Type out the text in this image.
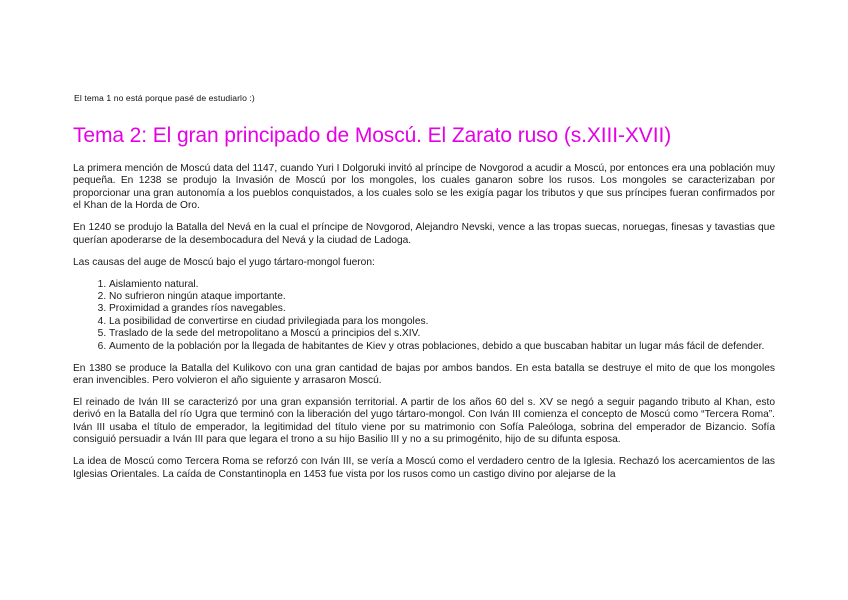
El tema 1 no está porque pasé de estudiarlo :)
Tema 2: El gran principado de Moscú. El Zarato ruso (s.XIII-XVII)

La primera mención de Moscú data del 1147, cuando Yuri I Dolgoruki invitó al príncipe de Novgorod a acudir a Moscú, por entonces era una población muy pequeña. En 1238 se produjo la Invasión de Moscú por los mongoles, los cuales ganaron sobre los rusos. Los mongoles se caracterizaban por proporcionar una gran autonomía a los pueblos conquistados, a los cuales solo se les exigía pagar los tributos y que sus príncipes fueran confirmados por el Khan de la Horda de Oro.

En 1240 se produjo la Batalla del Nevá en la cual el príncipe de Novgorod, Alejandro Nevski, vence a las tropas suecas, noruegas, finesas y tavastias que querían apoderarse de la desembocadura del Nevá y la ciudad de Ladoga.

Las causas del auge de Moscú bajo el yugo tártaro-mongol fueron:

1. Aislamiento natural.
2. No sufrieron ningún ataque importante.
3. Proximidad a grandes ríos navegables.
4. La posibilidad de convertirse en ciudad privilegiada para los mongoles.
5. Traslado de la sede del metropolitano a Moscú a principios del s.XIV.
6. Aumento de la población por la llegada de habitantes de Kiev y otras poblaciones, debido a que buscaban habitar un lugar más fácil de defender.

En 1380 se produce la Batalla del Kulikovo con una gran cantidad de bajas por ambos bandos. En esta batalla se destruye el mito de que los mongoles eran invencibles. Pero volvieron el año siguiente y arrasaron Moscú.

El reinado de Iván III se caracterizó por una gran expansión territorial. A partir de los años 60 del s. XV se negó a seguir pagando tributo al Khan, esto derivó en la Batalla del río Ugra que terminó con la liberación del yugo tártaro-mongol. Con Iván III comienza el concepto de Moscú como “Tercera Roma”. Iván III usaba el título de emperador, la legitimidad del título viene por su matrimonio con Sofía Paleóloga, sobrina del emperador de Bizancio. Sofía consiguió persuadir a Iván III para que legara el trono a su hijo Basilio III y no a su primogénito, hijo de su difunta esposa.

La idea de Moscú como Tercera Roma se reforzó con Iván III, se vería a Moscú como el verdadero centro de la Iglesia. Rechazó los acercamientos de las Iglesias Orientales. La caída de Constantinopla en 1453 fue vista por los rusos como un castigo divino por alejarse de la
